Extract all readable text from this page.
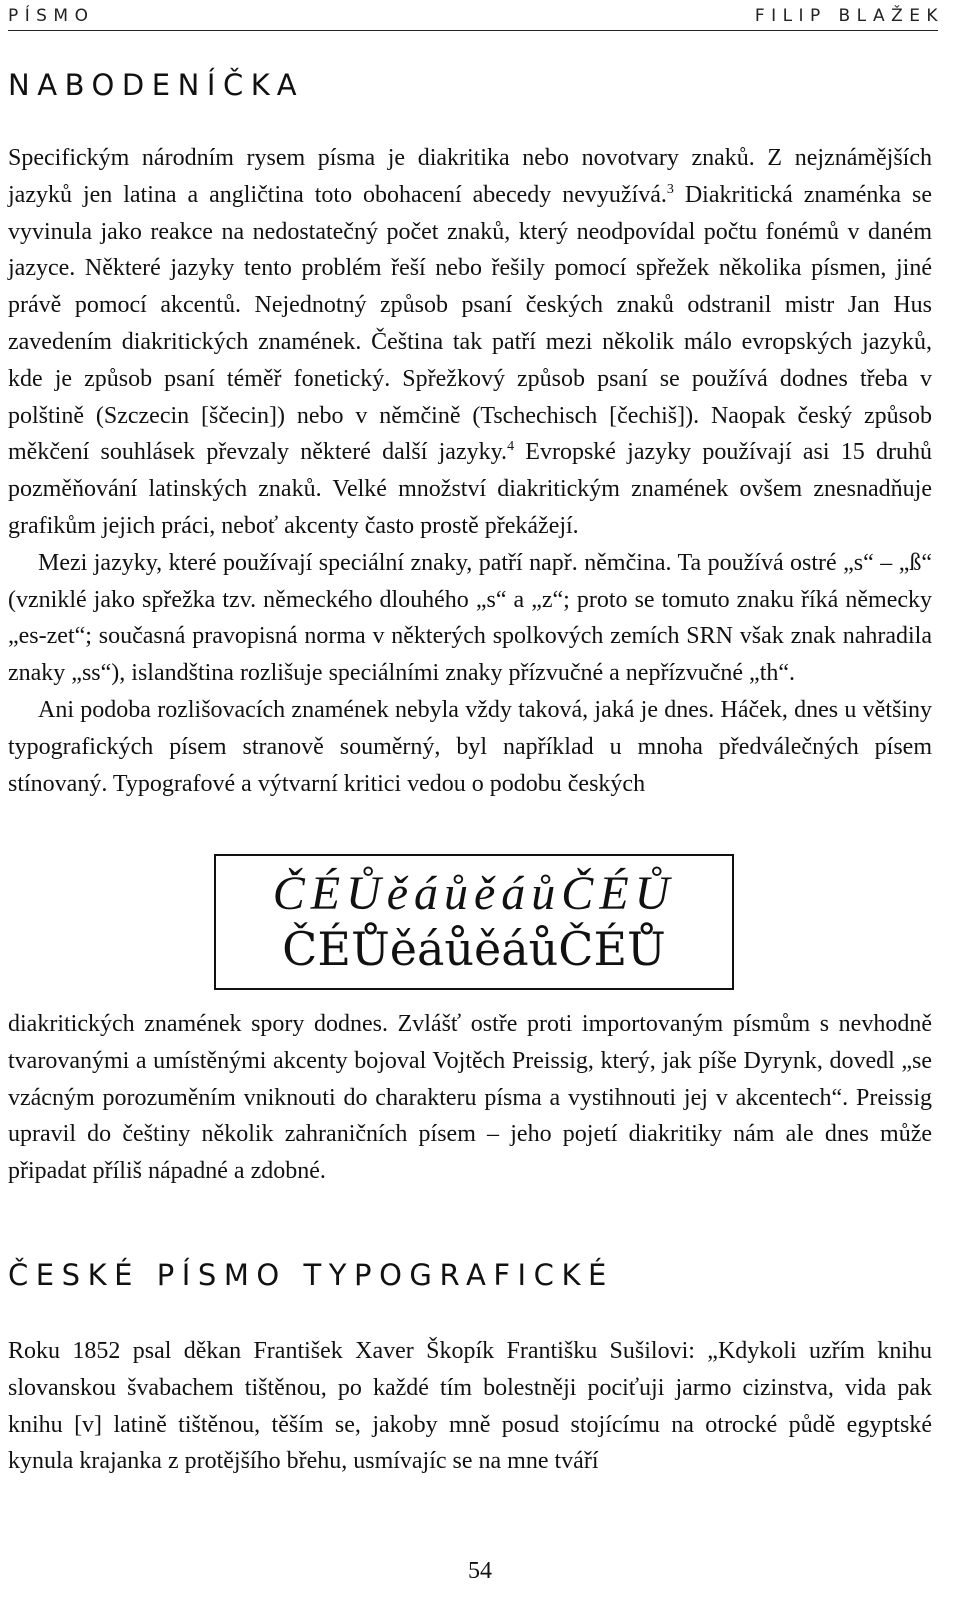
PÍSMO	FILIP BLAŽEK
NABODENÍČKA

Specifickým národním rysem písma je diakritika nebo novotvary znaků. Z nejznámějších jazyků jen latina a angličtina toto obohacení abecedy nevyužívá.$^3$ Diakritická znaménka se vyvinula jako reakce na nedostatečný počet znaků, který neodpovídal počtu fonémů v daném jazyce. Některé jazyky tento problém řeší nebo řešily pomocí spřežek několika písmen, jiné právě pomocí akcentů. Nejednotný způsob psaní českých znaků odstranil mistr Jan Hus zavedením diakritických znamének. Čeština tak patří mezi několik málo evropských jazyků, kde je způsob psaní téměř fonetický. Spřežkový způsob psaní se používá dodnes třeba v polštině (Szczecin [ščecin]) nebo v němčině (Tschechisch [čechiš]). Naopak český způsob měkčení souhlásek převzaly některé další jazyky.$^4$ Evropské jazyky používají asi 15 druhů pozměňování latinských znaků. Velké množství diakritickým znamének ovšem znesnadňuje grafikům jejich práci, neboť akcenty často prostě překážejí.

Mezi jazyky, které používají speciální znaky, patří např. němčina. Ta používá ostré „s“ – „ß“ (vzniklé jako spřežka tzv. německého dlouhého „s“ a „z“; proto se tomuto znaku říká německy „es-zet“; současná pravopisná norma v některých spolkových zemích SRN však znak nahradila znaky „ss“), islandština rozlišuje speciálními znaky přízvučné a nepřízvučné „th“.

Ani podoba rozlišovacích znamének nebyla vždy taková, jaká je dnes. Háček, dnes u většiny typografických písem stranově souměrný, byl například u mnoha předválečných písem stínovaný. Typografové a výtvarní kritici vedou o podobu českých

ČÉŮěáůěáůČÉŮ
ČÉŮěáůěáůČÉŮ

diakritických znamének spory dodnes. Zvlášť ostře proti importovaným písmům s nevhodně tvarovanými a umístěnými akcenty bojoval Vojtěch Preissig, který, jak píše Dyrynk, dovedl „se vzácným porozuměním vniknouti do charakteru písma a vystihnouti jej v akcentech“. Preissig upravil do češtiny několik zahraničních písem – jeho pojetí diakritiky nám ale dnes může připadat příliš nápadné a zdobné.

ČESKÉ PÍSMO TYPOGRAFICKÉ

Roku 1852 psal děkan František Xaver Škopík Františku Sušilovi: „Kdykoli uzřím knihu slovanskou švabachem tištěnou, po každé tím bolestněji pociťuji jarmo cizinstva, vida pak knihu [v] latině tištěnou, těším se, jakoby mně posud stojícímu na otrocké půdě egyptské kynula krajanka z protějšího břehu, usmívajíc se na mne tváří

54
